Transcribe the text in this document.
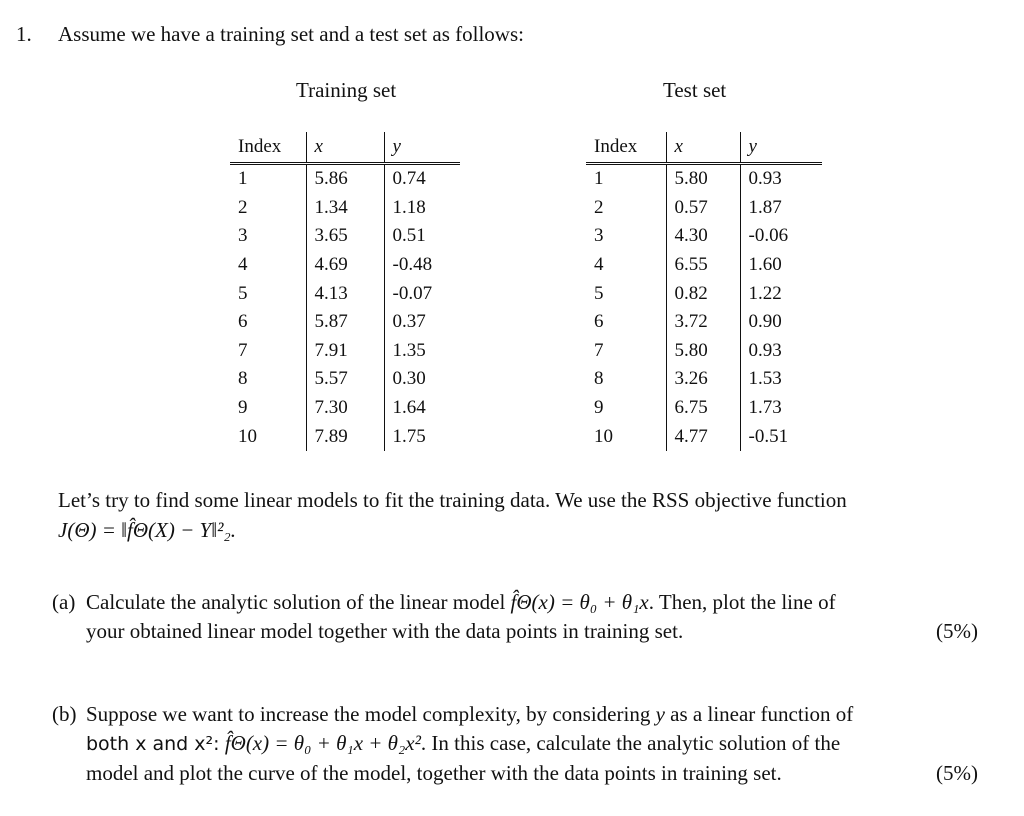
1. Assume we have a training set and a test set as follows:
Training set	Test set
Index	x	y
1	5.86	0.74
2	1.34	1.18
3	3.65	0.51
4	4.69	-0.48
5	4.13	-0.07
6	5.87	0.37
7	7.91	1.35
8	5.57	0.30
9	7.30	1.64
10	7.89	1.75
Index	x	y
1	5.80	0.93
2	0.57	1.87
3	4.30	-0.06
4	6.55	1.60
5	0.82	1.22
6	3.72	0.90
7	5.80	0.93
8	3.26	1.53
9	6.75	1.73
10	4.77	-0.51
Let’s try to find some linear models to fit the training data. We use the RSS objective function
J(Θ) = ‖f̂Θ(X) − Y‖²₂.
(a) Calculate the analytic solution of the linear model f̂Θ(x) = θ₀ + θ₁x. Then, plot the line of
your obtained linear model together with the data points in training set.	(5%)
(b) Suppose we want to increase the model complexity, by considering y as a linear function of
both x and x²: f̂Θ(x) = θ₀ + θ₁x + θ₂x². In this case, calculate the analytic solution of the
model and plot the curve of the model, together with the data points in training set.	(5%)
